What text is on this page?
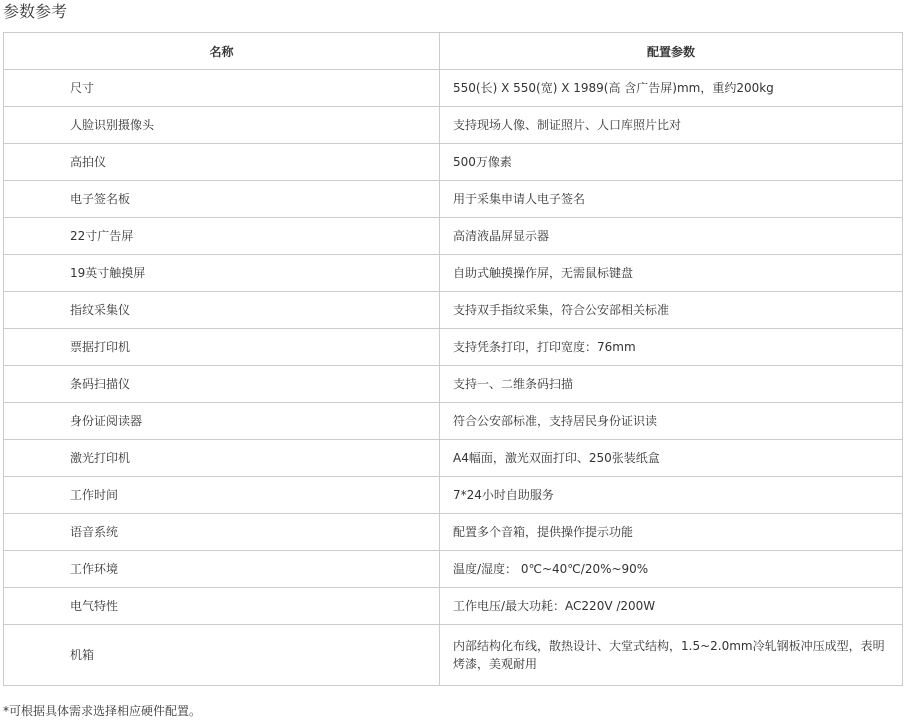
参数参考
名称	配置参数
尺寸	550(长) X 550(宽) X 1989(高 含广告屏)mm，重约200kg
人脸识别摄像头	支持现场人像、制证照片、人口库照片比对
高拍仪	500万像素
电子签名板	用于采集申请人电子签名
22寸广告屏	高清液晶屏显示器
19英寸触摸屏	自助式触摸操作屏，无需鼠标键盘
指纹采集仪	支持双手指纹采集，符合公安部相关标准
票据打印机	支持凭条打印，打印宽度：76mm
条码扫描仪	支持一、二维条码扫描
身份证阅读器	符合公安部标准，支持居民身份证识读
激光打印机	A4幅面，激光双面打印、250张装纸盒
工作时间	7*24小时自助服务
语音系统	配置多个音箱，提供操作提示功能
工作环境	温度/湿度： 0℃~40℃/20%~90%
电气特性	工作电压/最大功耗：AC220V /200W
机箱	内部结构化布线，散热设计、大堂式结构，1.5~2.0mm冷轧钢板冲压成型，表明烤漆，美观耐用
*可根据具体需求选择相应硬件配置。
